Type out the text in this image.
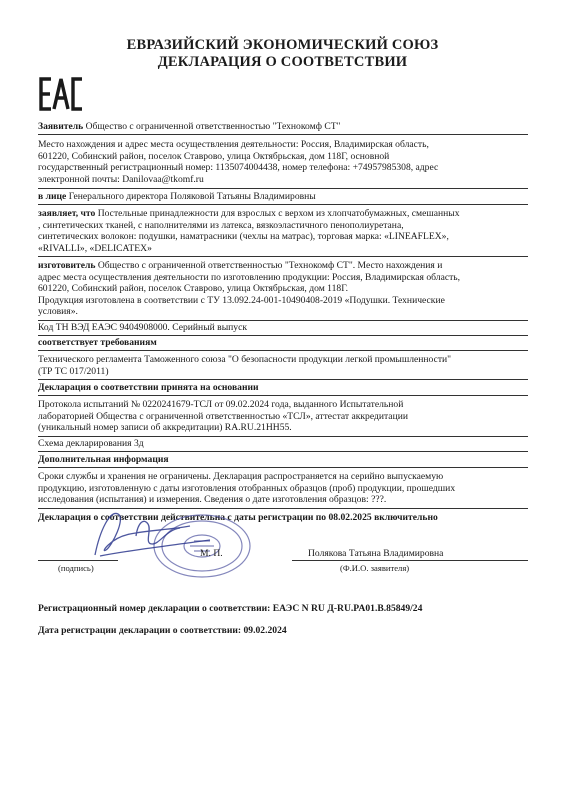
ЕВРАЗИЙСКИЙ ЭКОНОМИЧЕСКИЙ СОЮЗ
ДЕКЛАРАЦИЯ О СООТВЕТСТВИИ
Заявитель Общество с ограниченной ответственностью "Технокомф СТ"
Место нахождения и адрес места осуществления деятельности: Россия, Владимирская область,
601220, Собинский район, поселок Ставрово, улица Октябрьская, дом 118Г, основной
государственный регистрационный номер: 1135074004438, номер телефона: +74957985308, адрес
электронной почты: Danilovaa@tkomf.ru
в лице Генерального директора Поляковой Татьяны Владимировны
заявляет, что Постельные принадлежности для взрослых с верхом из хлопчатобумажных, смешанных
, синтетических тканей, с наполнителями из латекса, вязкоэластичного пенополиуретана,
синтетических волокон: подушки, наматрасники (чехлы на матрас), торговая марка: «LINEAFLEX»,
«RIVALLI», «DELICATEX»
изготовитель Общество с ограниченной ответственностью "Технокомф СТ". Место нахождения и
адрес места осуществления деятельности по изготовлению продукции: Россия, Владимирская область,
601220, Собинский район, поселок Ставрово, улица Октябрьская, дом 118Г.
Продукция изготовлена в соответствии с ТУ 13.092.24-001-10490408-2019 «Подушки. Технические
условия».
Код ТН ВЭД ЕАЭС 9404908000. Серийный выпуск
соответствует требованиям
Технического регламента Таможенного союза "О безопасности продукции легкой промышленности"
(ТР ТС 017/2011)
Декларация о соответствии принята на основании
Протокола испытаний № 0220241679-ТСЛ от 09.02.2024 года, выданного Испытательной
лабораторией Общества с ограниченной ответственностью «ТСЛ», аттестат аккредитации
(уникальный номер записи об аккредитации) RA.RU.21НН55.
Схема декларирования 3д
Дополнительная информация
Сроки службы и хранения не ограничены. Декларация распространяется на серийно выпускаемую
продукцию, изготовленную с даты изготовления отобранных образцов (проб) продукции, прошедших
исследования (испытания) и измерения. Сведения о дате изготовления образцов: ???.
Декларация о соответствии действительна с даты регистрации по 08.02.2025 включительно
М. П.	Полякова Татьяна Владимировна
(подпись)	(Ф.И.О. заявителя)
Регистрационный номер декларации о соответствии: ЕАЭС N RU Д-RU.PA01.B.85849/24
Дата регистрации декларации о соответствии: 09.02.2024
